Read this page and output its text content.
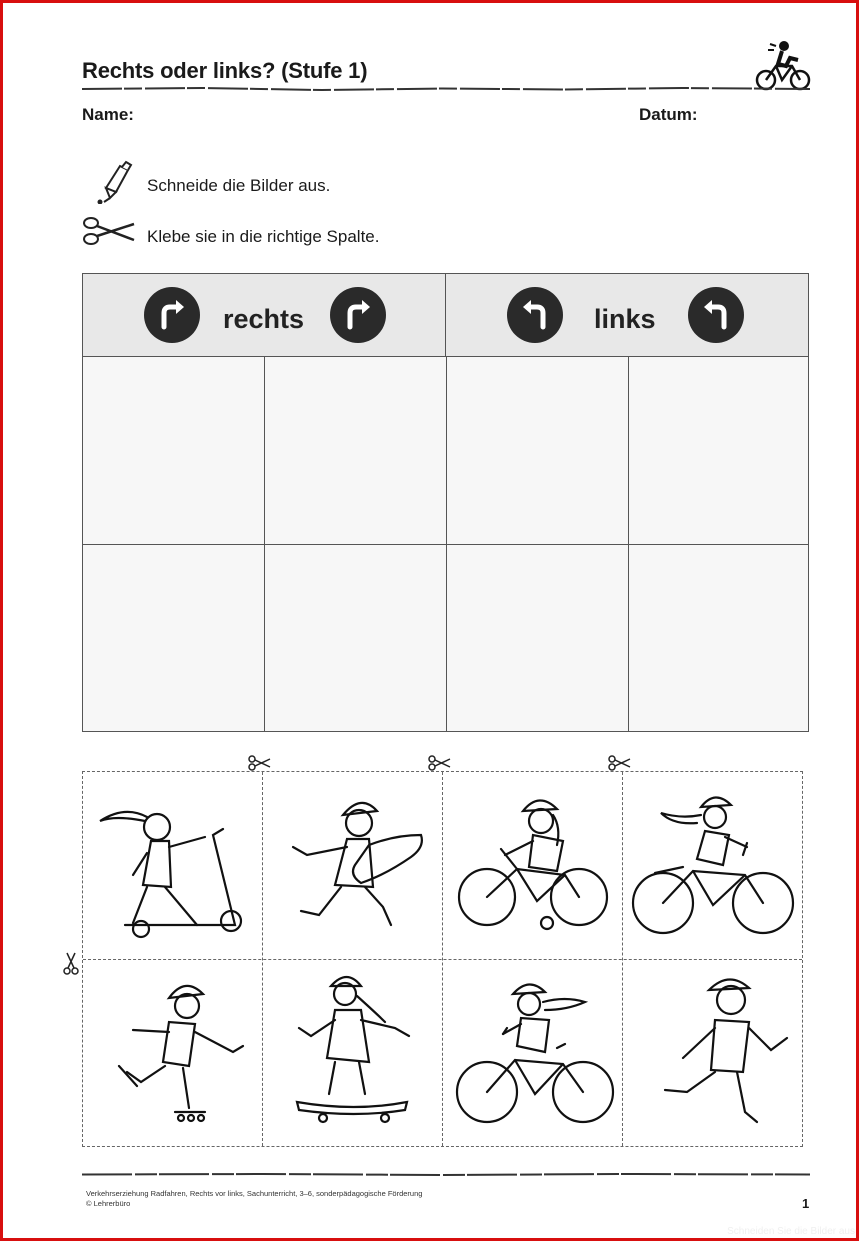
Rechts oder links? (Stufe 1)
Name:	Datum:
Schneide die Bilder aus.
Klebe sie in die richtige Spalte.
rechts	links
Verkehrserziehung Radfahren, Rechts vor links, Sachunterricht, 3–6, sonderpädagogische Förderung
© Lehrerbüro	1
Schneiden Sie die Bilder aus
